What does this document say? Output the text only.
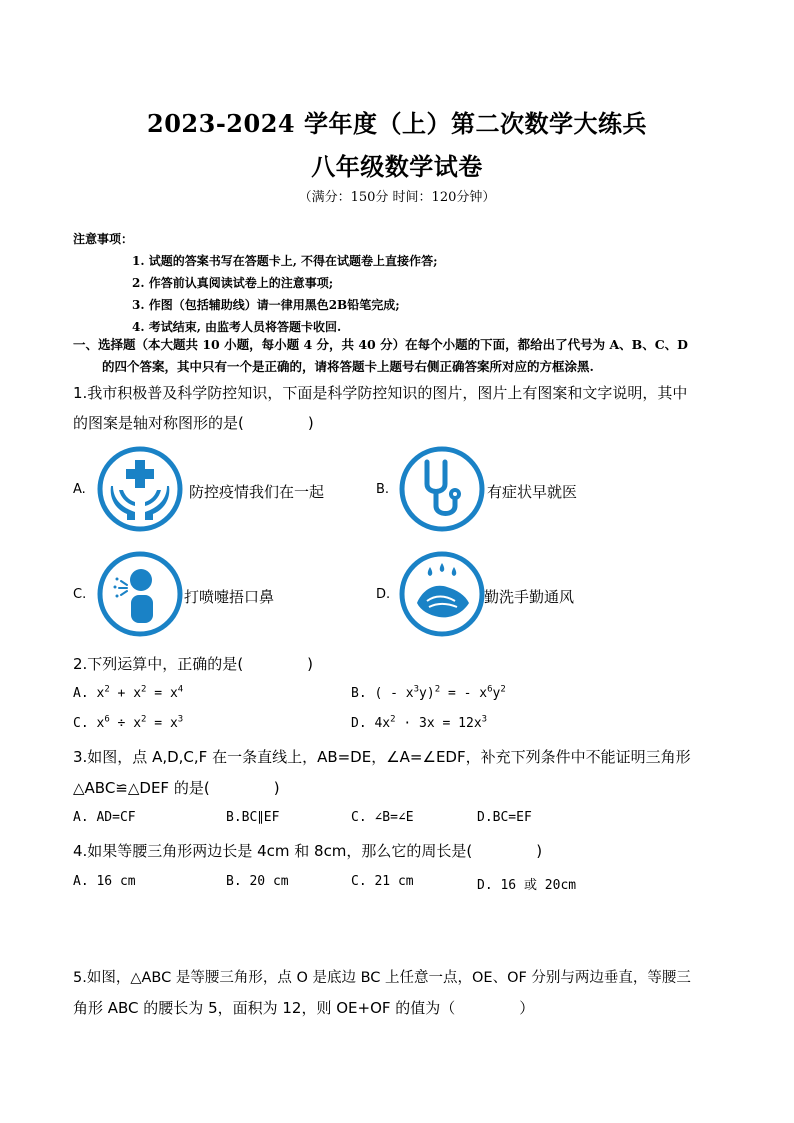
2023-2024 学年度（上）第二次数学大练兵
八年级数学试卷
（满分：150分 时间：120分钟）
注意事项：
1. 试题的答案书写在答题卡上, 不得在试题卷上直接作答;
2. 作答前认真阅读试卷上的注意事项;
3. 作图（包括辅助线）请一律用黑色2B铅笔完成;
4. 考试结束, 由监考人员将答题卡收回.
一、选择题（本大题共 10 小题，每小题 4 分，共 40 分）在每个小题的下面，都给出了代号为 A、B、C、D
的四个答案，其中只有一个是正确的，请将答题卡上题号右侧正确答案所对应的方框涂黑.
1.我市积极普及科学防控知识，下面是科学防控知识的图片，图片上有图案和文字说明，其中
的图案是轴对称图形的是(	)
A.	防控疫情我们在一起	B.	有症状早就医
C.	打喷嚏捂口鼻	D.	勤洗手勤通风
2.下列运算中，正确的是(	)
A. $x^2 + x^2 = x^4$	B. ( - $x^3y)^2$ = - $x^6y^2$
C. $x^6 \div x^2 = x^3$	D. $4x^2 \cdot 3x = 12x^3$
3.如图，点 A,D,C,F 在一条直线上，AB=DE，∠A=∠EDF，补充下列条件中不能证明三角形
△ABC≌△DEF 的是(	)
A. AD=CF	B.BC∥EF	C. ∠B=∠E	D.BC=EF
4.如果等腰三角形两边长是 4cm 和 8cm，那么它的周长是(	)
A. 16 cm	B. 20 cm	C. 21 cm	D. 16 或 20cm
5.如图，△ABC 是等腰三角形，点 O 是底边 BC 上任意一点，OE、OF 分别与两边垂直，等腰三
角形 ABC 的腰长为 5，面积为 12，则 OE+OF 的值为（	）
